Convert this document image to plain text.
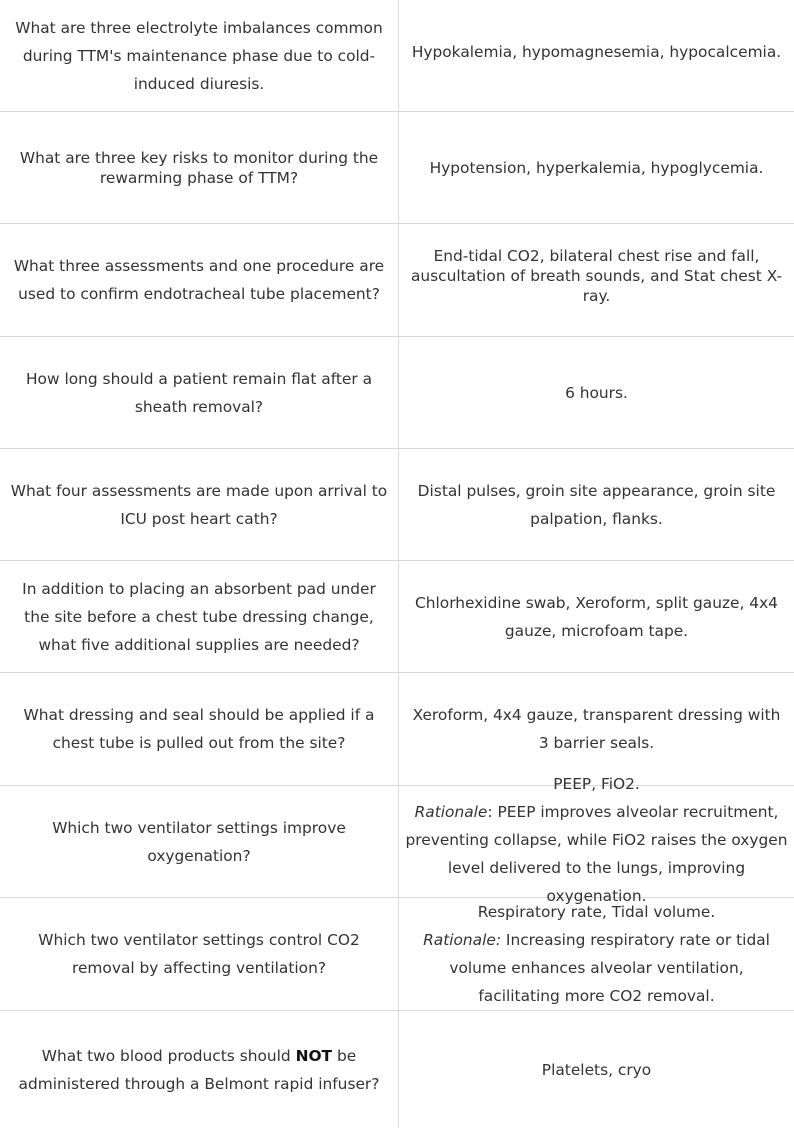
What are three electrolyte imbalances common during TTM's maintenance phase due to cold-induced diuresis.
Hypokalemia, hypomagnesemia, hypocalcemia.
What are three key risks to monitor during the rewarming phase of TTM?
Hypotension, hyperkalemia, hypoglycemia.
What three assessments and one procedure are used to confirm endotracheal tube placement?
End-tidal CO2, bilateral chest rise and fall, auscultation of breath sounds, and Stat chest X-ray.
How long should a patient remain flat after a sheath removal?
6 hours.
What four assessments are made upon arrival to ICU post heart cath?
Distal pulses, groin site appearance, groin site palpation, flanks.
In addition to placing an absorbent pad under the site before a chest tube dressing change, what five additional supplies are needed?
Chlorhexidine swab, Xeroform, split gauze, 4x4 gauze, microfoam tape.
What dressing and seal should be applied if a chest tube is pulled out from the site?
Xeroform, 4x4 gauze, transparent dressing with 3 barrier seals.
Which two ventilator settings improve oxygenation?
PEEP, FiO2.
Rationale: PEEP improves alveolar recruitment, preventing collapse, while FiO2 raises the oxygen level delivered to the lungs, improving oxygenation.
Which two ventilator settings control CO2 removal by affecting ventilation?
Respiratory rate, Tidal volume.
Rationale: Increasing respiratory rate or tidal volume enhances alveolar ventilation, facilitating more CO2 removal.
What two blood products should NOT be administered through a Belmont rapid infuser?
Platelets, cryo
